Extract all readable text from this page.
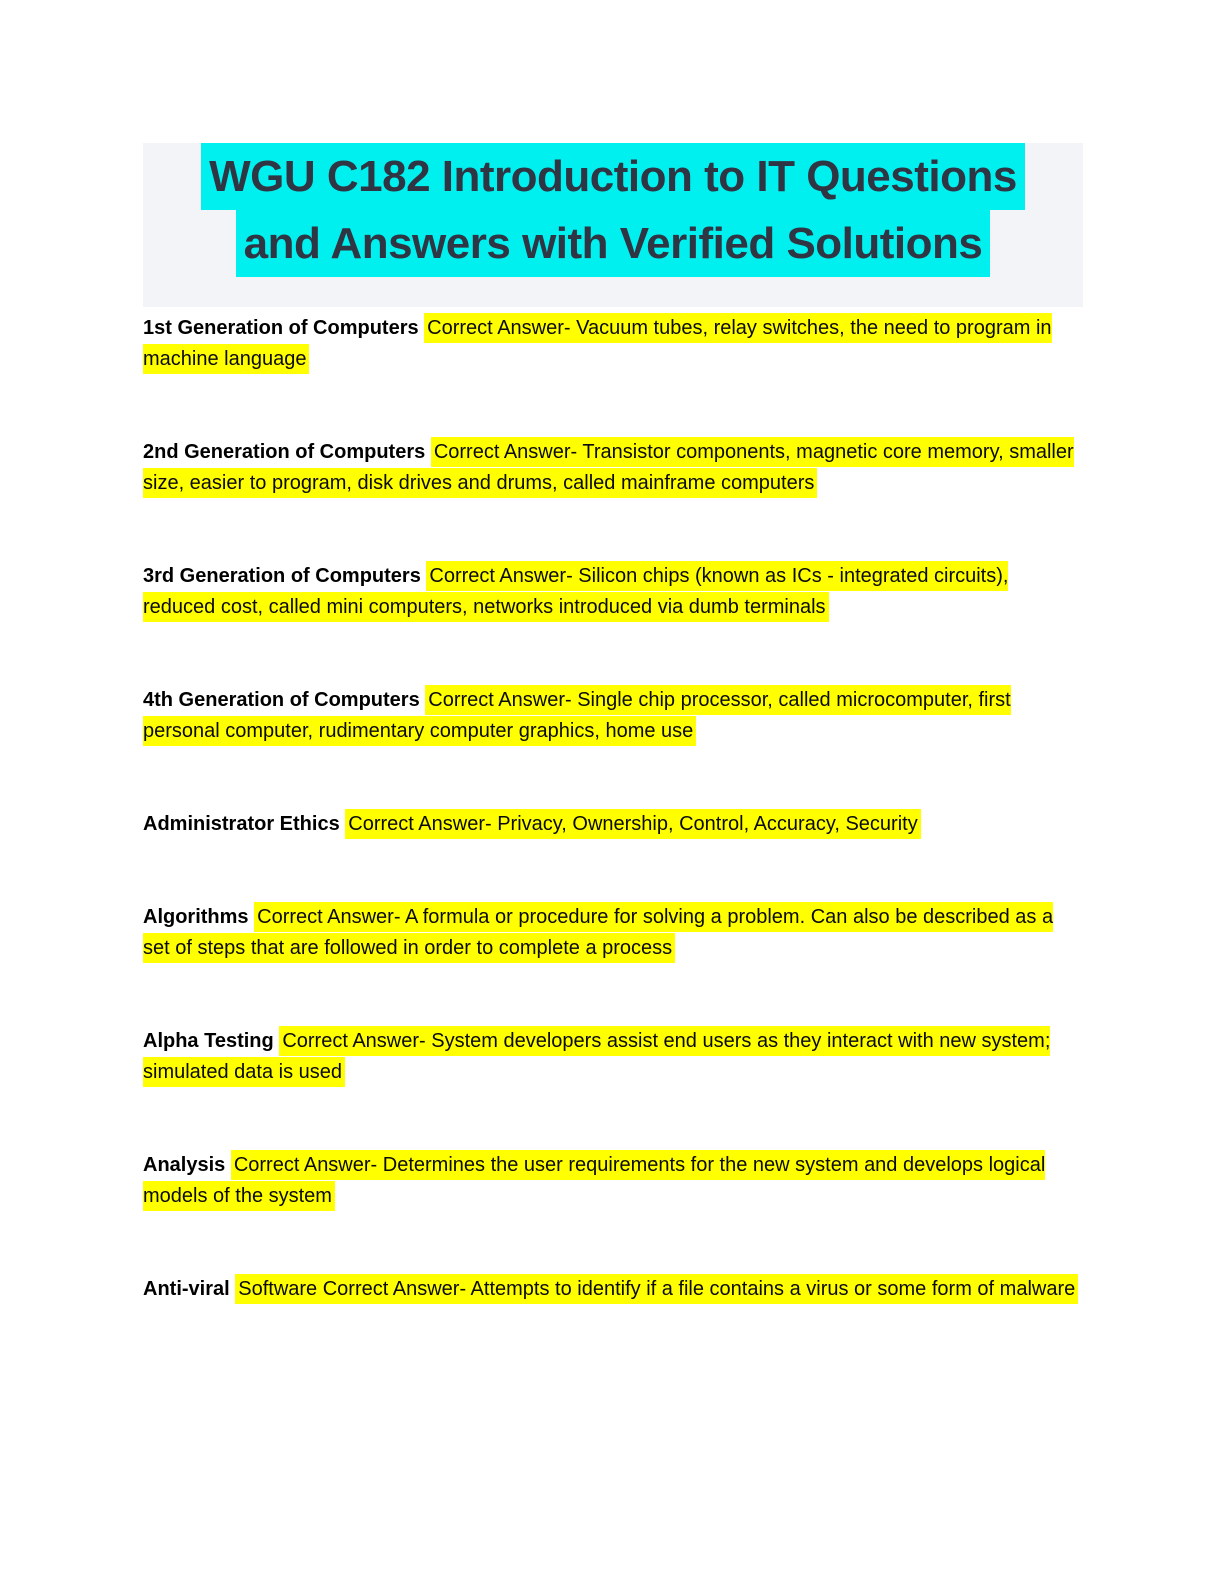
WGU C182 Introduction to IT Questions
and Answers with Verified Solutions

1st Generation of Computers Correct Answer- Vacuum tubes, relay switches, the need to program in machine language

2nd Generation of Computers Correct Answer- Transistor components, magnetic core memory, smaller size, easier to program, disk drives and drums, called mainframe computers

3rd Generation of Computers Correct Answer- Silicon chips (known as ICs - integrated circuits), reduced cost, called mini computers, networks introduced via dumb terminals

4th Generation of Computers Correct Answer- Single chip processor, called microcomputer, first personal computer, rudimentary computer graphics, home use

Administrator Ethics Correct Answer- Privacy, Ownership, Control, Accuracy, Security

Algorithms Correct Answer- A formula or procedure for solving a problem. Can also be described as a set of steps that are followed in order to complete a process

Alpha Testing Correct Answer- System developers assist end users as they interact with new system; simulated data is used

Analysis Correct Answer- Determines the user requirements for the new system and develops logical models of the system

Anti-viral Software Correct Answer- Attempts to identify if a file contains a virus or some form of malware
